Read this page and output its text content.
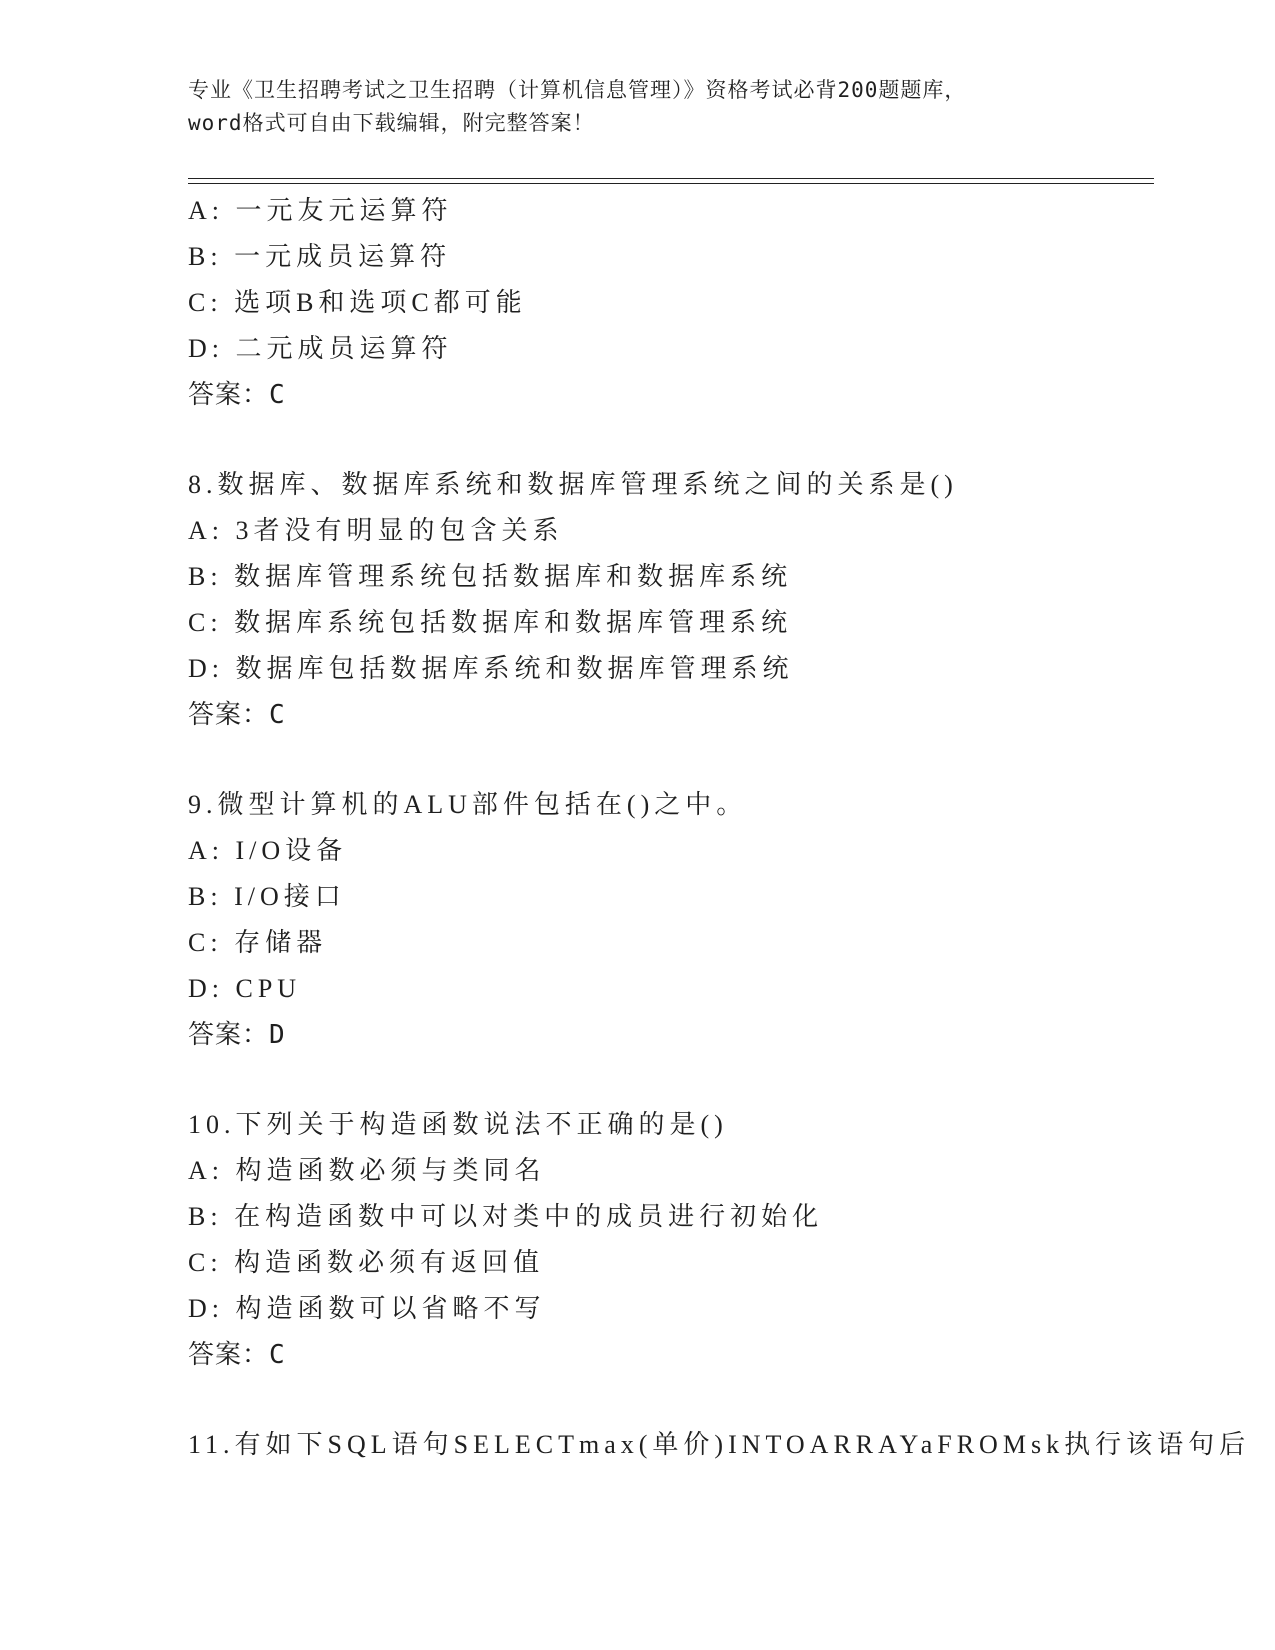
专业《卫生招聘考试之卫生招聘（计算机信息管理）》资格考试必背200题题库，
word格式可自由下载编辑，附完整答案！
A: 一元友元运算符
B: 一元成员运算符
C: 选项B和选项C都可能
D: 二元成员运算符
答案：C
8.数据库、数据库系统和数据库管理系统之间的关系是()
A: 3者没有明显的包含关系
B: 数据库管理系统包括数据库和数据库系统
C: 数据库系统包括数据库和数据库管理系统
D: 数据库包括数据库系统和数据库管理系统
答案：C
9.微型计算机的ALU部件包括在()之中。
A: I/O设备
B: I/O接口
C: 存储器
D: CPU
答案：D
10.下列关于构造函数说法不正确的是()
A: 构造函数必须与类同名
B: 在构造函数中可以对类中的成员进行初始化
C: 构造函数必须有返回值
D: 构造函数可以省略不写
答案：C
11.有如下SQL语句SELECTmax(单价)INTOARRAYaFROMsk执行该语句后
